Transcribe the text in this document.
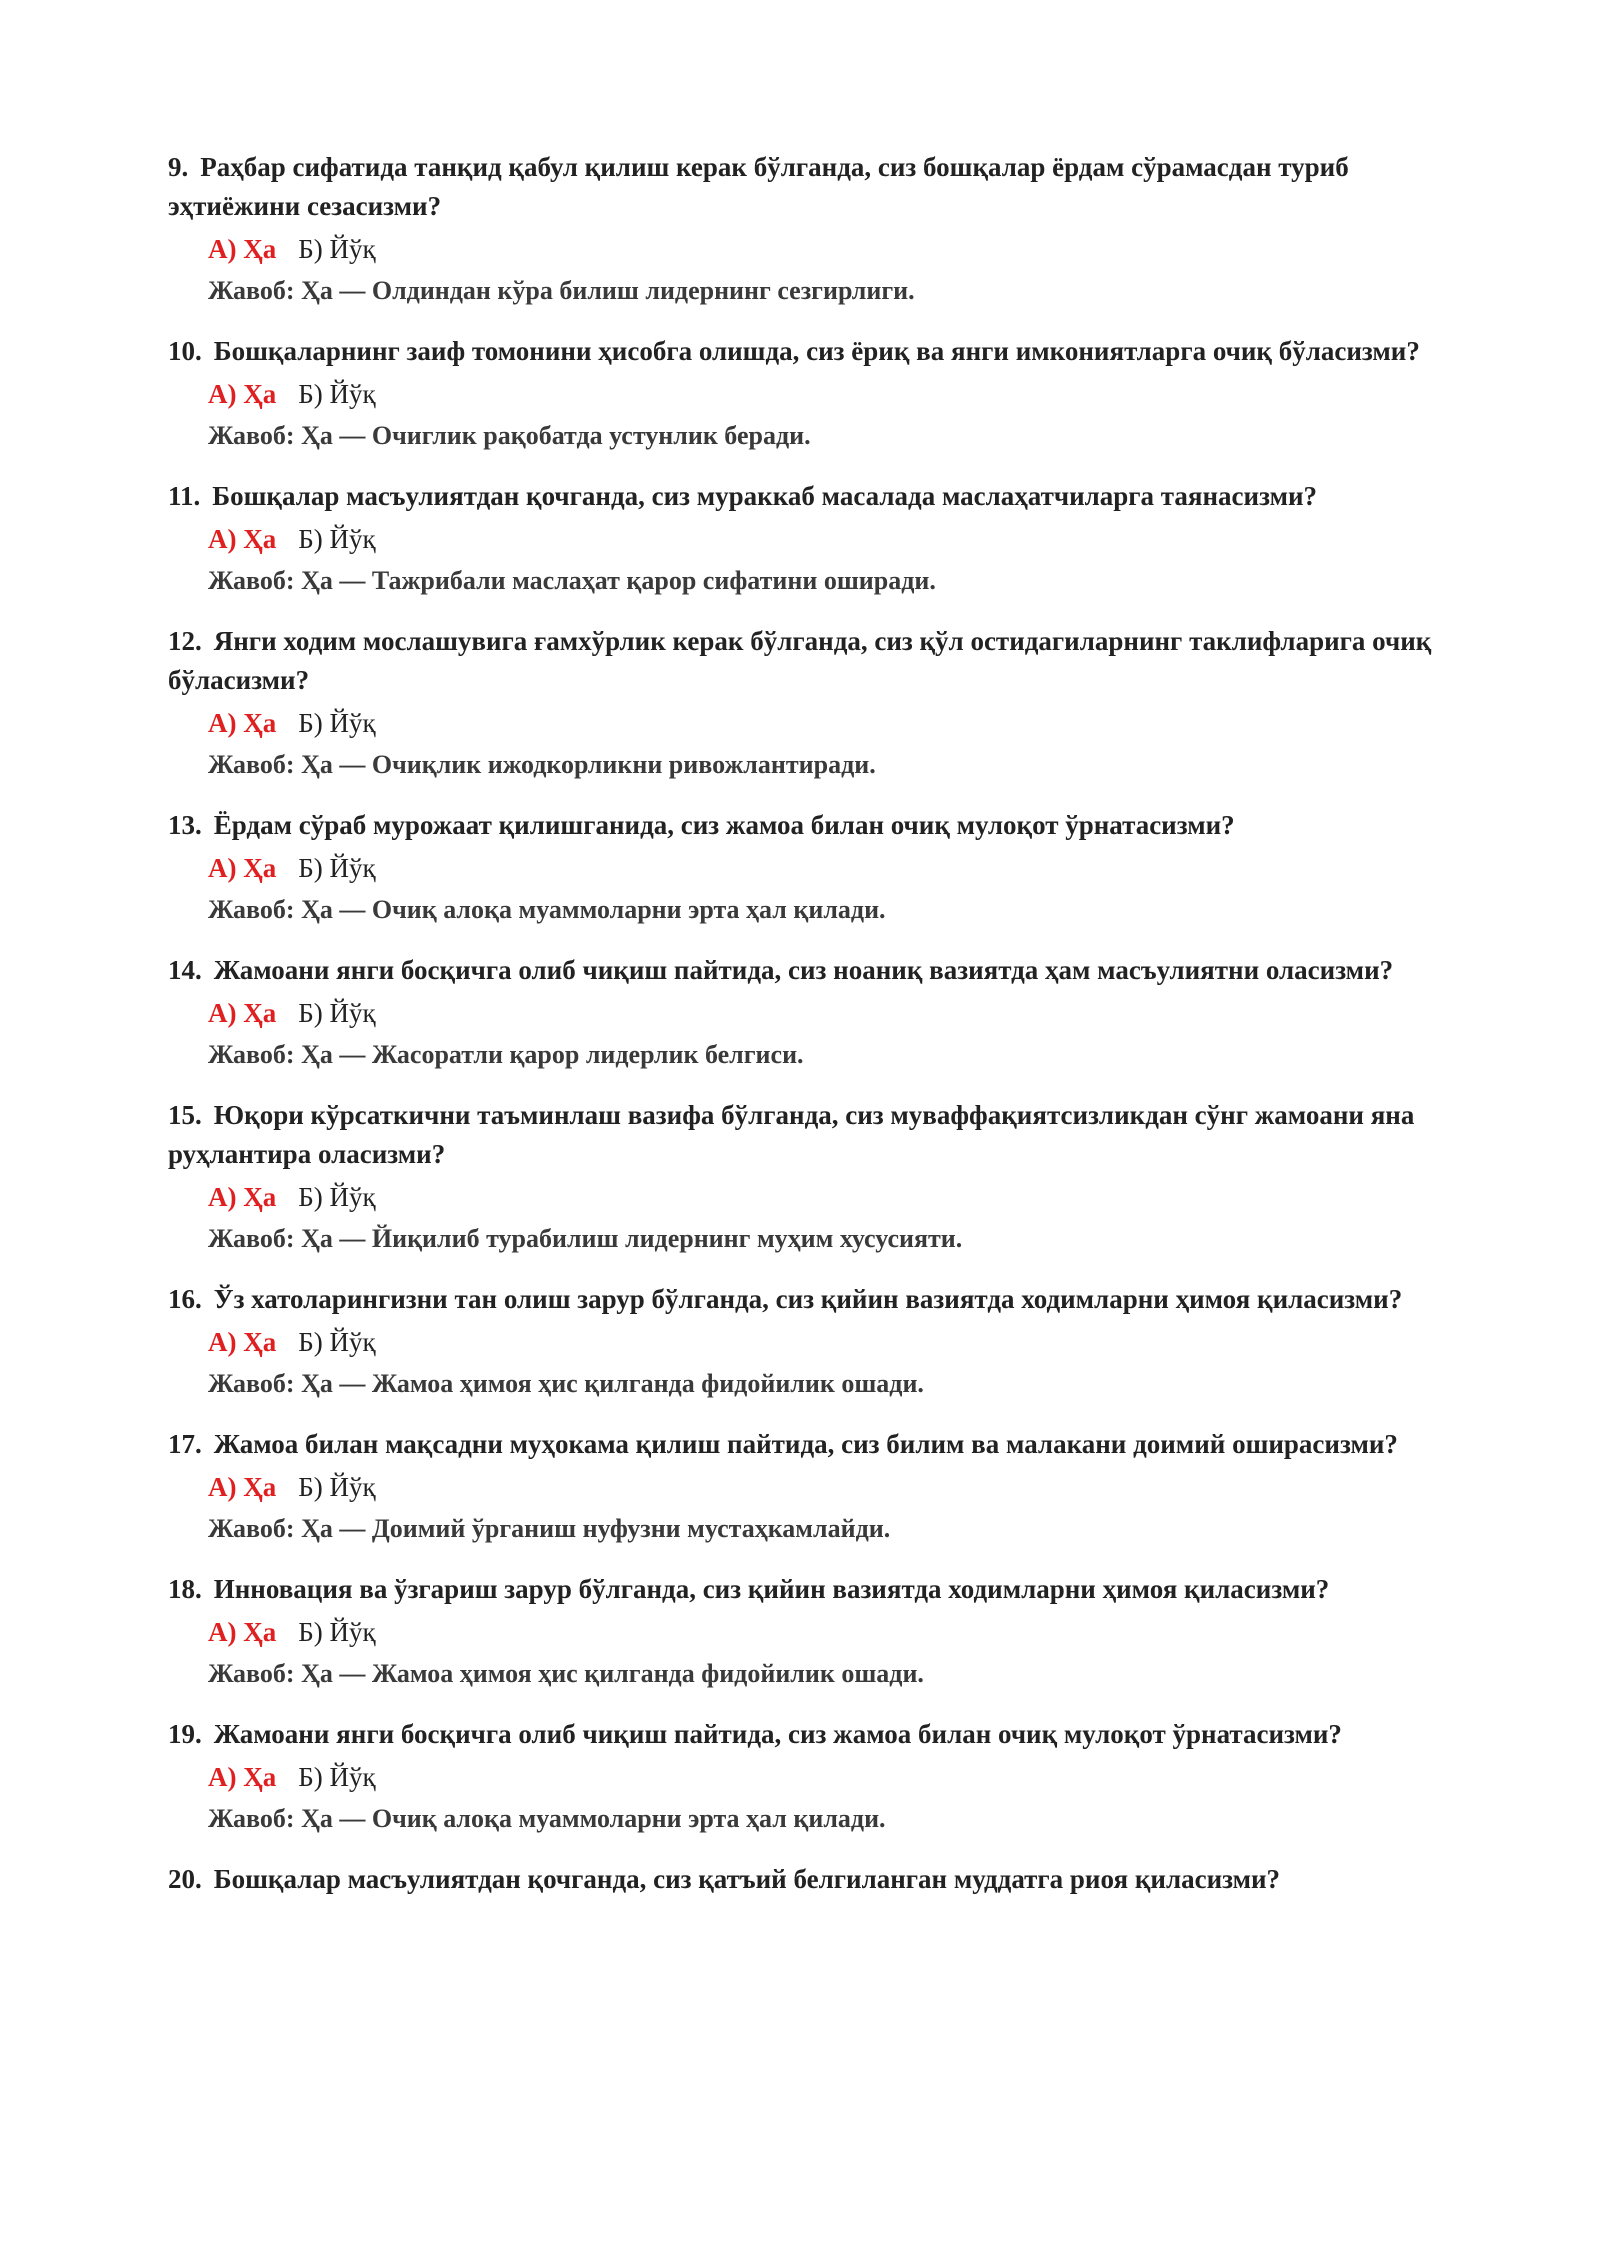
9. Раҳбар сифатида танқид қабул қилиш керак бўлганда, сиз бошқалар ёрдам сўрамасдан туриб эҳтиёжини сезасизми?
А) Ҳа Б) Йўқ
Жавоб: Ҳа — Олдиндан кўра билиш лидернинг сезгирлиги.
10. Бошқаларнинг заиф томонини ҳисобга олишда, сиз ёриқ ва янги имкониятларга очиқ бўласизми?
А) Ҳа Б) Йўқ
Жавоб: Ҳа — Очиглик рақобатда устунлик беради.
11. Бошқалар масъулиятдан қочганда, сиз мураккаб масалада маслаҳатчиларга таянасизми?
А) Ҳа Б) Йўқ
Жавоб: Ҳа — Тажрибали маслаҳат қарор сифатини оширади.
12. Янги ходим мослашувига ғамхўрлик керак бўлганда, сиз қўл остидагиларнинг таклифларига очиқ бўласизми?
А) Ҳа Б) Йўқ
Жавоб: Ҳа — Очиқлик ижодкорликни ривожлантиради.
13. Ёрдам сўраб мурожаат қилишганида, сиз жамоа билан очиқ мулоқот ўрнатасизми?
А) Ҳа Б) Йўқ
Жавоб: Ҳа — Очиқ алоқа муаммоларни эрта ҳал қилади.
14. Жамоани янги босқичга олиб чиқиш пайтида, сиз ноаниқ вазиятда ҳам масъулиятни оласизми?
А) Ҳа Б) Йўқ
Жавоб: Ҳа — Жасоратли қарор лидерлик белгиси.
15. Юқори кўрсаткични таъминлаш вазифа бўлганда, сиз муваффақиятсизликдан сўнг жамоани яна руҳлантира оласизми?
А) Ҳа Б) Йўқ
Жавоб: Ҳа — Йиқилиб турабилиш лидернинг муҳим хусусияти.
16. Ўз хатоларингизни тан олиш зарур бўлганда, сиз қийин вазиятда ходимларни ҳимоя қиласизми?
А) Ҳа Б) Йўқ
Жавоб: Ҳа — Жамоа ҳимоя ҳис қилганда фидойилик ошади.
17. Жамоа билан мақсадни муҳокама қилиш пайтида, сиз билим ва малакани доимий оширасизми?
А) Ҳа Б) Йўқ
Жавоб: Ҳа — Доимий ўрганиш нуфузни мустаҳкамлайди.
18. Инновация ва ўзгариш зарур бўлганда, сиз қийин вазиятда ходимларни ҳимоя қиласизми?
А) Ҳа Б) Йўқ
Жавоб: Ҳа — Жамоа ҳимоя ҳис қилганда фидойилик ошади.
19. Жамоани янги босқичга олиб чиқиш пайтида, сиз жамоа билан очиқ мулоқот ўрнатасизми?
А) Ҳа Б) Йўқ
Жавоб: Ҳа — Очиқ алоқа муаммоларни эрта ҳал қилади.
20. Бошқалар масъулиятдан қочганда, сиз қатъий белгиланган муддатга риоя қиласизми?
